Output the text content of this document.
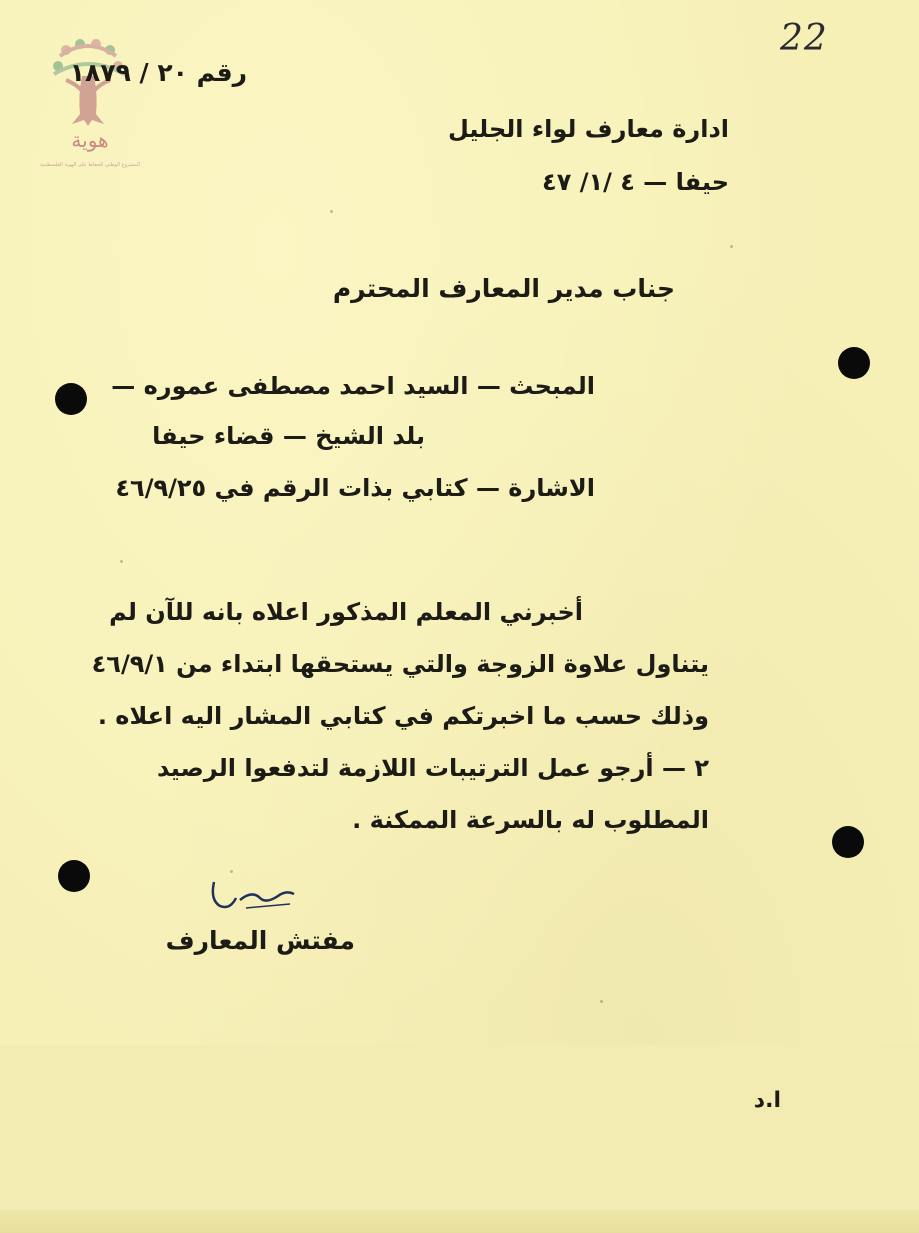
22
هوية
المشروع الوطني للحفاظ على الهوية الفلسطينية
رقم ٢٠ / ١٨٧٩
ادارة معارف لواء الجليل
حيفا — ٤ /١/ ٤٧
جناب مدير المعارف المحترم
المبحث — السيد احمد مصطفى عموره —
بلد الشيخ — قضاء حيفا
الاشارة — كتابي بذات الرقم في ٤٦/٩/٢٥
أخبرني المعلم المذكور اعلاه بانه للآن لم
يتناول علاوة الزوجة والتي يستحقها ابتداء من ٤٦/٩/١
وذلك حسب ما اخبرتكم في كتابي المشار اليه اعلاه .
٢ — أرجو عمل الترتيبات اللازمة لتدفعوا الرصيد
المطلوب له بالسرعة الممكنة .
مفتش المعارف
ا.د
